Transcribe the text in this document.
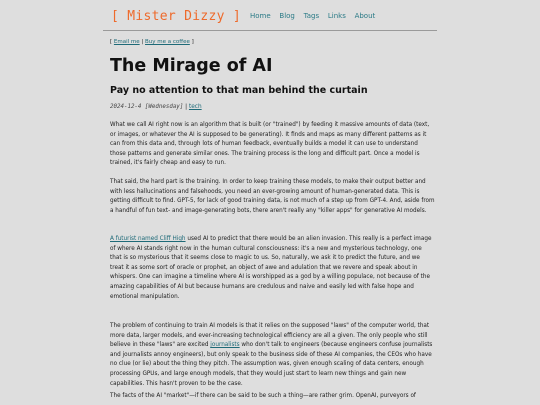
[ Mister Dizzy ] Home Blog Tags Links About
[ Email me | Buy me a coffee ]
The Mirage of AI
Pay no attention to that man behind the curtain
2024-12-4 [Wednesday] | tech

What we call AI right now is an algorithm that is built (or "trained") by feeding it massive amounts of data (text, or images, or whatever the AI is supposed to be generating). It finds and maps as many different patterns as it can from this data and, through lots of human feedback, eventually builds a model it can use to understand those patterns and generate similar ones. The training process is the long and difficult part. Once a model is trained, it's fairly cheap and easy to run.

That said, the hard part is the training. In order to keep training these models, to make their output better and with less hallucinations and falsehoods, you need an ever-growing amount of human-generated data. This is getting difficult to find. GPT-5, for lack of good training data, is not much of a step up from GPT-4. And, aside from a handful of fun text- and image-generating bots, there aren't really any "killer apps" for generative AI models.

A futurist named Cliff High used AI to predict that there would be an alien invasion. This really is a perfect image of where AI stands right now in the human cultural consciousness: it's a new and mysterious technology, one that is so mysterious that it seems close to magic to us. So, naturally, we ask it to predict the future, and we treat it as some sort of oracle or prophet, an object of awe and adulation that we revere and speak about in whispers. One can imagine a timeline where AI is worshipped as a god by a willing populace, not because of the amazing capabilities of AI but because humans are credulous and naive and easily led with false hope and emotional manipulation.

The problem of continuing to train AI models is that it relies on the supposed "laws" of the computer world, that more data, larger models, and ever-increasing technological efficiency are all a given. The only people who still believe in these "laws" are excited journalists who don't talk to engineers (because engineers confuse journalists and journalists annoy engineers), but only speak to the business side of these AI companies, the CEOs who have no clue (or lie) about the thing they pitch. The assumption was, given enough scaling of data centers, enough processing GPUs, and large enough models, that they would just start to learn new things and gain new capabilities. This hasn't proven to be the case.

The facts of the AI "market"—if there can be said to be such a thing—are rather grim. OpenAI, purveyors of
